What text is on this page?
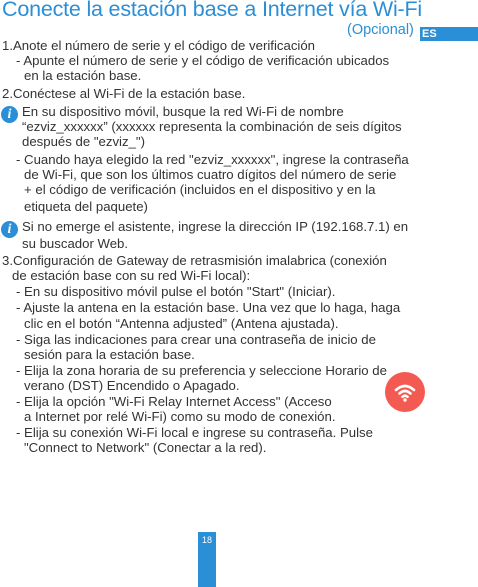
Conecte la estación base a Internet vía Wi-Fi
(Opcional) ES
1.Anote el número de serie y el código de verificación
- Apunte el número de serie y el código de verificación ubicados
en la estación base.
2.Conéctese al Wi-Fi de la estación base.
i En su dispositivo móvil, busque la red Wi-Fi de nombre
“ezviz_xxxxxx” (xxxxxx representa la combinación de seis dígitos
después de "ezviz_")
- Cuando haya elegido la red "ezviz_xxxxxx", ingrese la contraseña
de Wi-Fi, que son los últimos cuatro dígitos del número de serie
+ el código de verificación (incluidos en el dispositivo y en la
etiqueta del paquete)
i Si no emerge el asistente, ingrese la dirección IP (192.168.7.1) en
su buscador Web.
3.Configuración de Gateway de retrasmisión imalabrica (conexión
de estación base con su red Wi-Fi local):
- En su dispositivo móvil pulse el botón "Start" (Iniciar).
- Ajuste la antena en la estación base. Una vez que lo haga, haga
clic en el botón “Antenna adjusted” (Antena ajustada).
- Siga las indicaciones para crear una contraseña de inicio de
sesión para la estación base.
- Elija la zona horaria de su preferencia y seleccione Horario de
verano (DST) Encendido o Apagado.
- Elija la opción "Wi-Fi Relay Internet Access" (Acceso
a Internet por relé Wi-Fi) como su modo de conexión.
- Elija su conexión Wi-Fi local e ingrese su contraseña. Pulse
"Connect to Network" (Conectar a la red).
18
